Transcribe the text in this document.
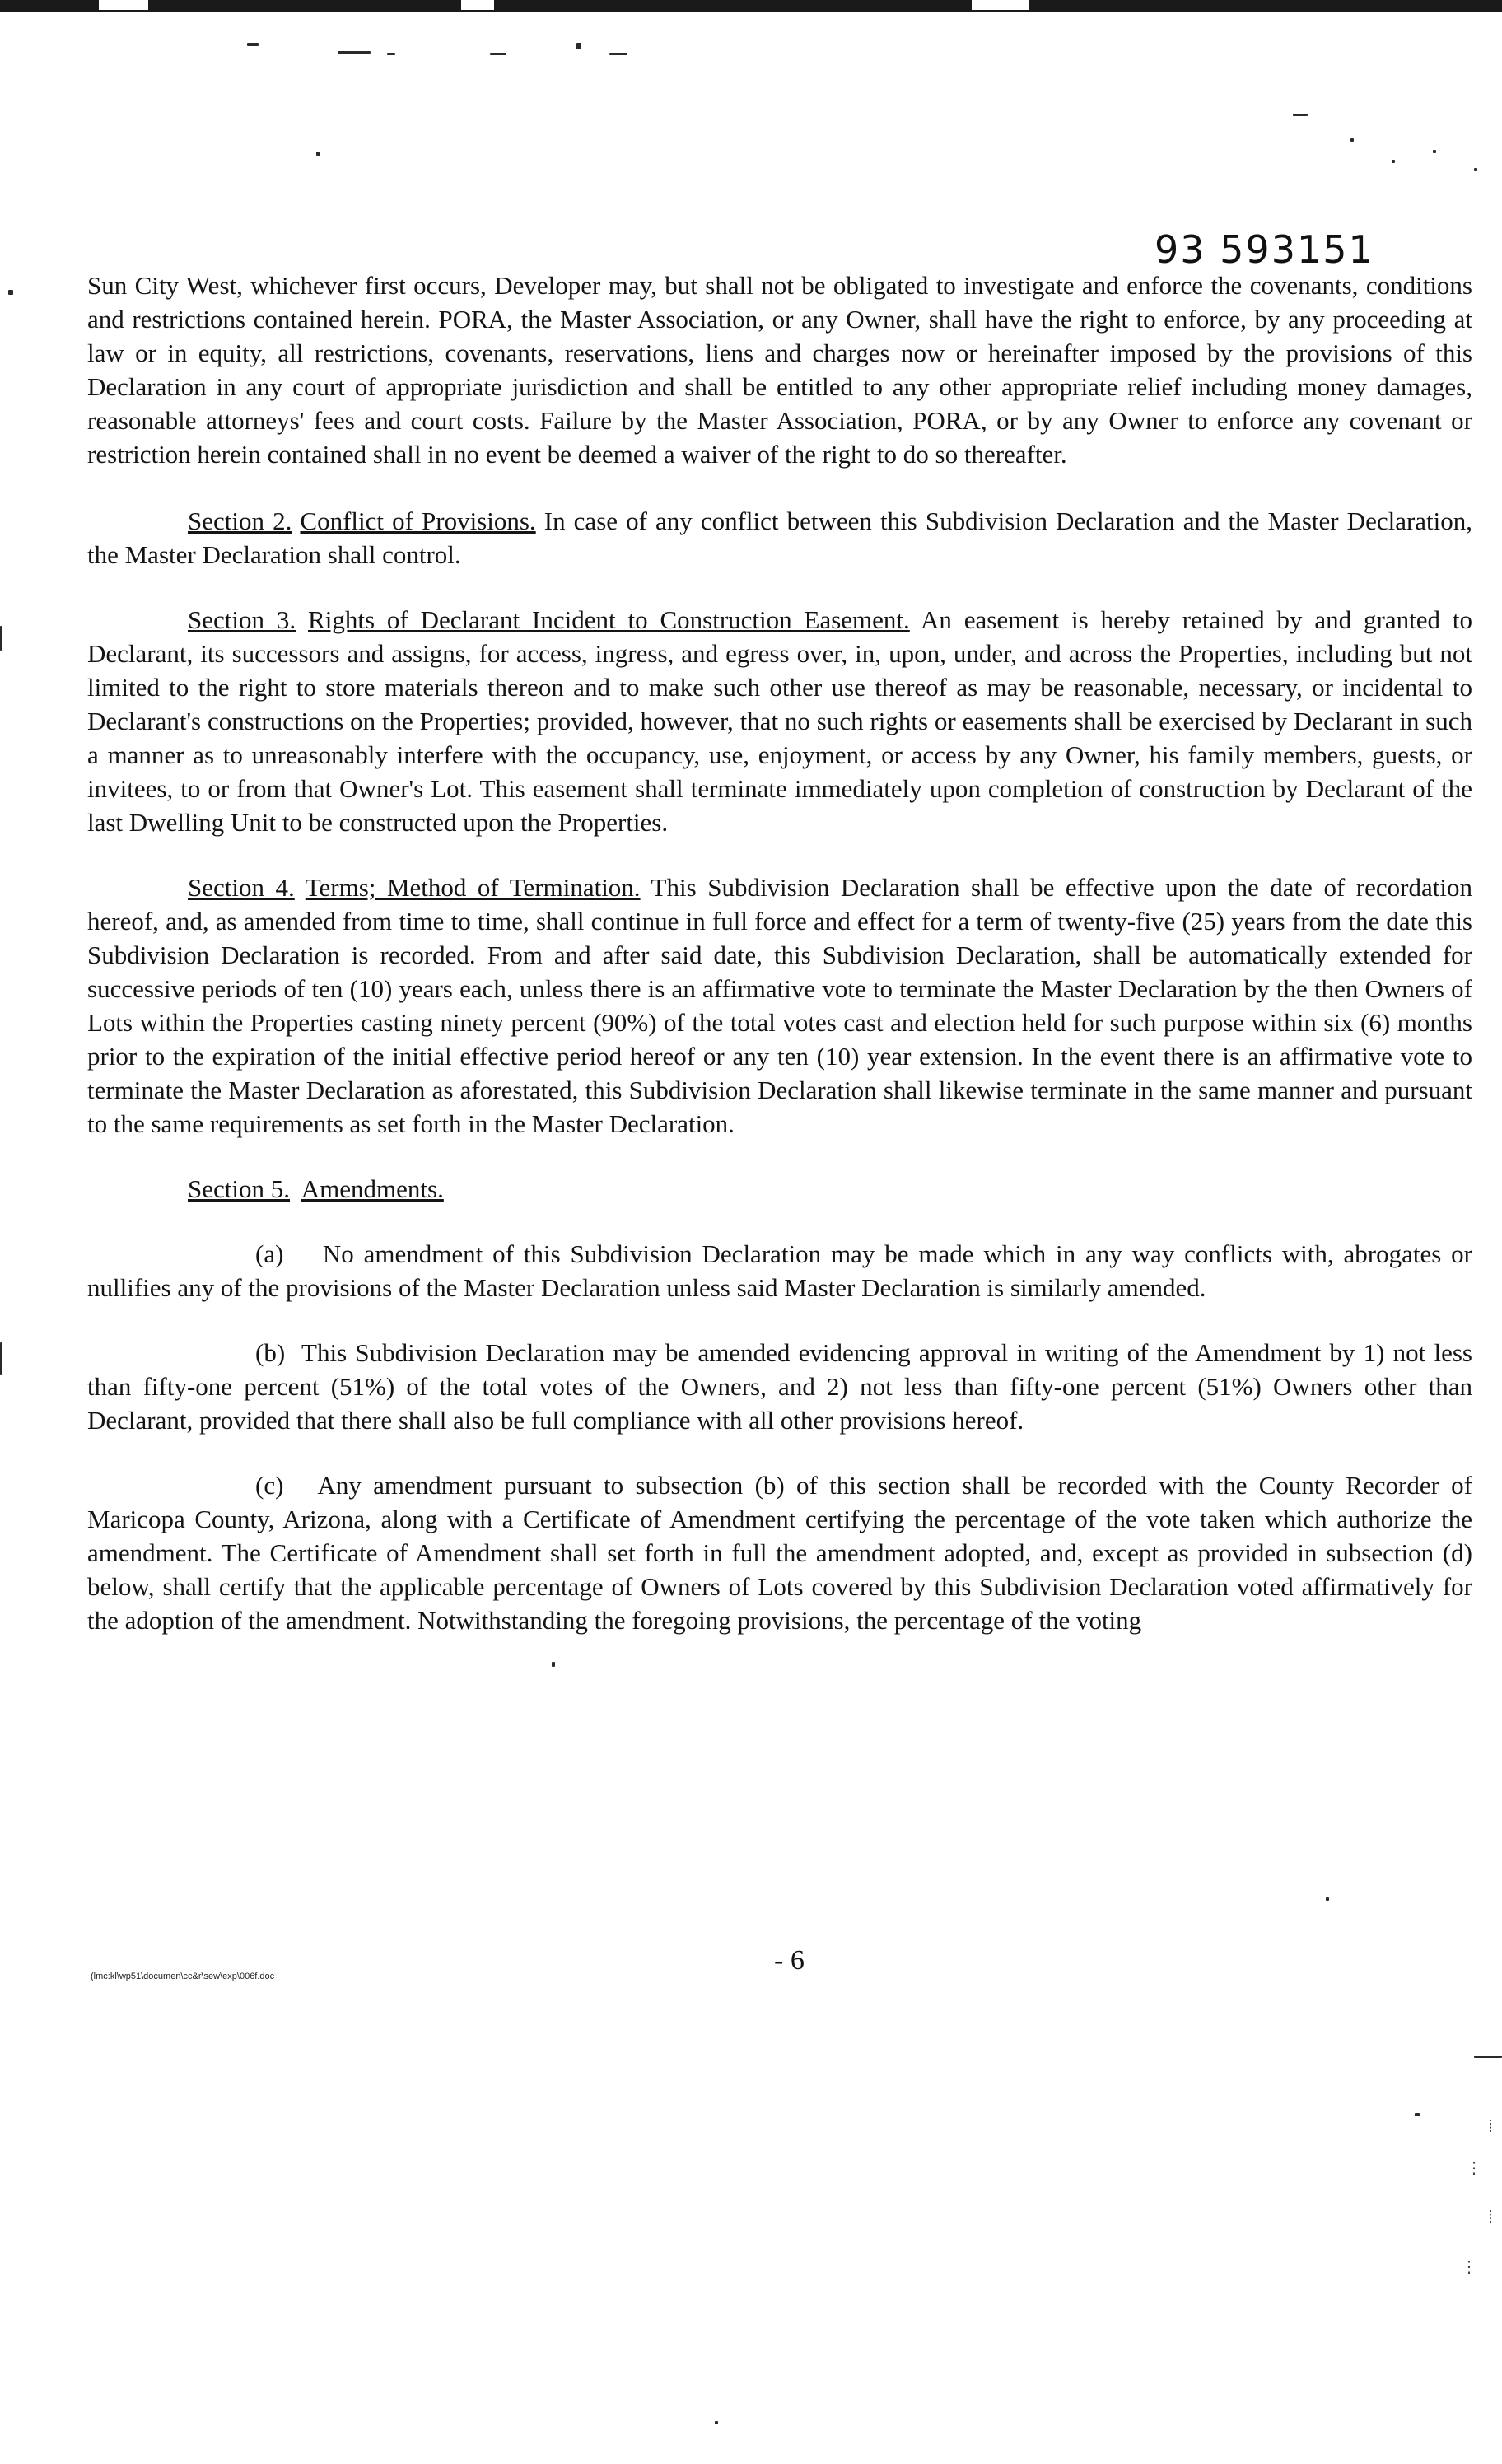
⁞
⋮
⁞
⋮
93 593151

Sun City West, whichever first occurs, Developer may, but shall not be obligated to investigate and enforce the covenants, conditions and restrictions contained herein. PORA, the Master Association, or any Owner, shall have the right to enforce, by any proceeding at law or in equity, all restrictions, covenants, reservations, liens and charges now or hereinafter imposed by the provisions of this Declaration in any court of appropriate jurisdiction and shall be entitled to any other appropriate relief including money damages, reasonable attorneys' fees and court costs. Failure by the Master Association, PORA, or by any Owner to enforce any covenant or restriction herein contained shall in no event be deemed a waiver of the right to do so thereafter.

Section 2. Conflict of Provisions. In case of any conflict between this Subdivision Declaration and the Master Declaration, the Master Declaration shall control.

Section 3. Rights of Declarant Incident to Construction Easement. An easement is hereby retained by and granted to Declarant, its successors and assigns, for access, ingress, and egress over, in, upon, under, and across the Properties, including but not limited to the right to store materials thereon and to make such other use thereof as may be reasonable, necessary, or incidental to Declarant's constructions on the Properties; provided, however, that no such rights or easements shall be exercised by Declarant in such a manner as to unreasonably interfere with the occupancy, use, enjoyment, or access by any Owner, his family members, guests, or invitees, to or from that Owner's Lot. This easement shall terminate immediately upon completion of construction by Declarant of the last Dwelling Unit to be constructed upon the Properties.

Section 4. Terms; Method of Termination. This Subdivision Declaration shall be effective upon the date of recordation hereof, and, as amended from time to time, shall continue in full force and effect for a term of twenty-five (25) years from the date this Subdivision Declaration is recorded. From and after said date, this Subdivision Declaration, shall be automatically extended for successive periods of ten (10) years each, unless there is an affirmative vote to terminate the Master Declaration by the then Owners of Lots within the Properties casting ninety percent (90%) of the total votes cast and election held for such purpose within six (6) months prior to the expiration of the initial effective period hereof or any ten (10) year extension. In the event there is an affirmative vote to terminate the Master Declaration as aforestated, this Subdivision Declaration shall likewise terminate in the same manner and pursuant to the same requirements as set forth in the Master Declaration.

Section 5. Amendments.

(a) No amendment of this Subdivision Declaration may be made which in any way conflicts with, abrogates or nullifies any of the provisions of the Master Declaration unless said Master Declaration is similarly amended.

(b) This Subdivision Declaration may be amended evidencing approval in writing of the Amendment by 1) not less than fifty-one percent (51%) of the total votes of the Owners, and 2) not less than fifty-one percent (51%) Owners other than Declarant, provided that there shall also be full compliance with all other provisions hereof.

(c) Any amendment pursuant to subsection (b) of this section shall be recorded with the County Recorder of Maricopa County, Arizona, along with a Certificate of Amendment certifying the percentage of the vote taken which authorize the amendment. The Certificate of Amendment shall set forth in full the amendment adopted, and, except as provided in subsection (d) below, shall certify that the applicable percentage of Owners of Lots covered by this Subdivision Declaration voted affirmatively for the adoption of the amendment. Notwithstanding the foregoing provisions, the percentage of the voting

(lmc:kl\wp51\documen\cc&r\sew\exp\006f.doc
- 6
